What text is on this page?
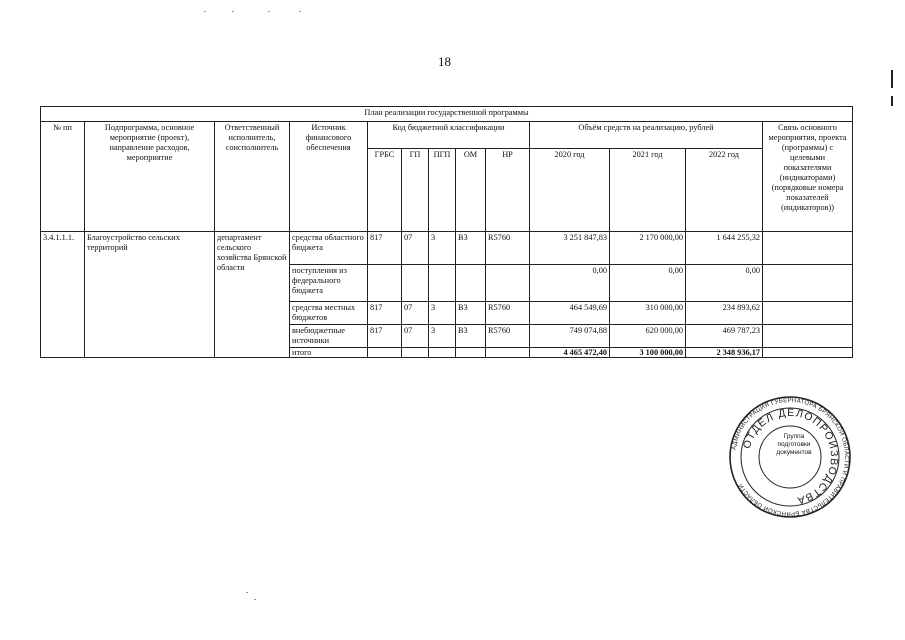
18
План реализации государственной программы												
№ пп	Подпрограмма, основное мероприятие (проект), направление расходов, мероприятие	Ответственный исполнитель, соисполнитель	Источник финансового обеспечения	Код бюджетной классификации					Объём средств на реализацию, рублей			Связь основного мероприятия, проекта (программы) с целевыми показателями (индикаторами) (порядковые номера показателей (индикаторов))
				ГРБС	ГП	ПГП	ОМ	НР	2020 год	2021 год	2022 год	
3.4.1.1.1.	Благоустройство сельских территорий	департамент сельского хозяйства Брянской области	средства областного бюджета	817	07	3	В3	R5760	3 251 847,83	2 170 000,00	1 644 255,32	
			поступления из федерального бюджета						0,00	0,00	0,00	
			средства местных бюджетов	817	07	3	В3	R5760	464 549,69	310 000,00	234 893,62	
			внебюджетные источники	817	07	3	В3	R5760	749 074,88	620 000,00	469 787,23	
			итого						4 465 472,40	3 100 000,00	2 348 936,17	
АДМИНИСТРАЦИЯ ГУБЕРНАТОРА БРЯНСКОЙ ОБЛАСТИ И ПРАВИТЕЛЬСТВА БРЯНСКОЙ ОБЛАСТИ
ОТДЕЛ ДЕЛОПРОИЗВОДСТВА
Группа подготовки документов
